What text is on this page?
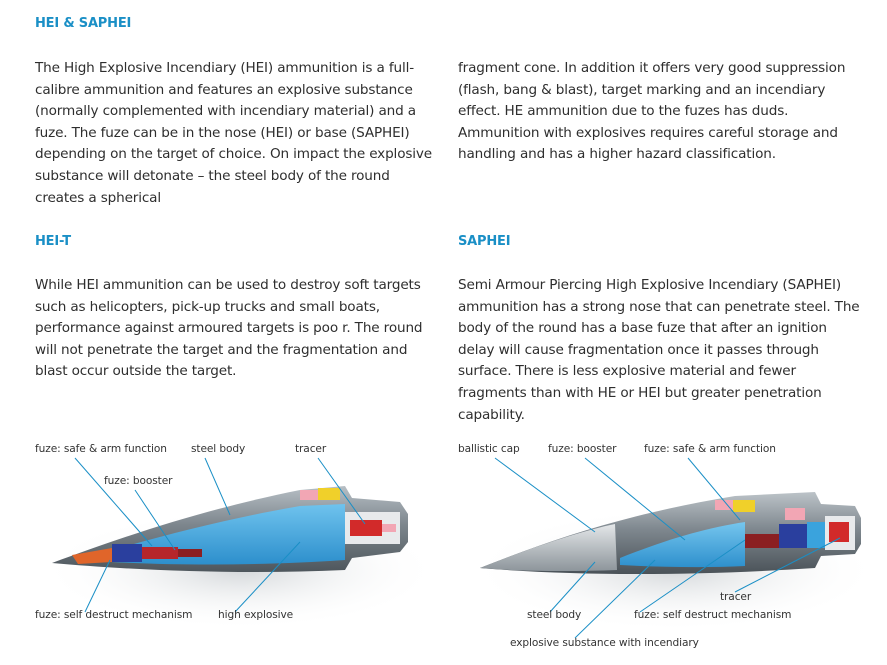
HEI & SAPHEI

The High Explosive Incendiary (HEI) ammunition is a full-calibre ammunition and features an explosive substance (normally complemented with incendiary material) and a fuze. The fuze can be in the nose (HEI) or base (SAPHEI) depending on the target of choice. On impact the explosive substance will detonate – the steel body of the round creates a spherical

fragment cone. In addition it offers very good suppression (flash, bang & blast), target marking and an incendiary effect. HE ammunition due to the fuzes has duds. Ammunition with explosives requires careful storage and handling and has a higher hazard classification.

HEI-T

While HEI ammunition can be used to destroy soft targets such as helicopters, pick-up trucks and small boats, performance against armoured targets is poo r. The round will not penetrate the target and the fragmentation and blast occur outside the target.

SAPHEI

Semi Armour Piercing High Explosive Incendiary (SAPHEI) ammunition has a strong nose that can penetrate steel. The body of the round has a base fuze that after an ignition delay will cause fragmentation once it passes through surface. There is less explosive material and fewer fragments than with HE or HEI but greater penetration capability.

fuze: safe & arm function steel body	tracer
fuze: booster
fuze: self destruct mechanism high explosive
ballistic cap	fuze: booster	fuze: safe & arm function
tracer
steel body	fuze: self destruct mechanism
explosive substance with incendiary
